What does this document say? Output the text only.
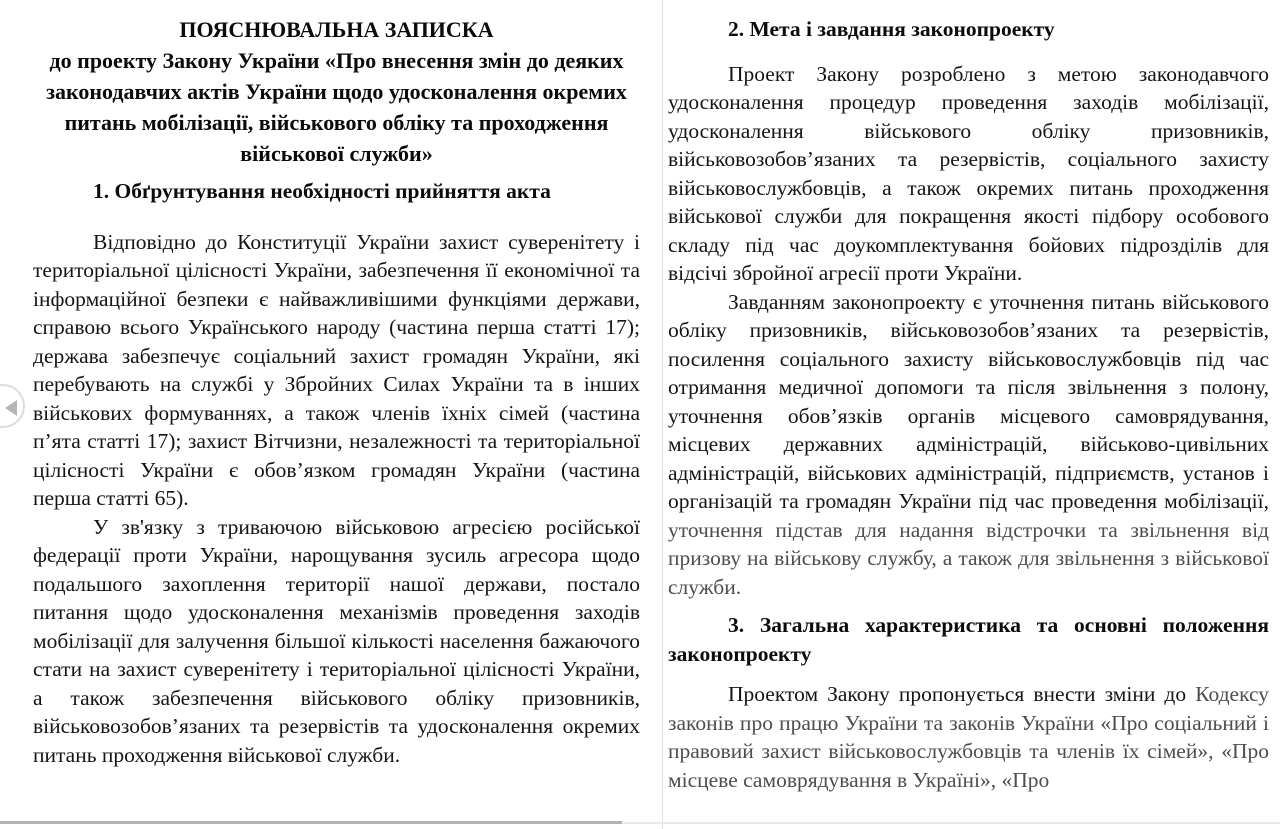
ПОЯСНЮВАЛЬНА ЗАПИСКА
до проекту Закону України «Про внесення змін до деяких законодавчих актів України щодо удосконалення окремих питань мобілізації, військового обліку та проходження військової служби»

1. Обґрунтування необхідності прийняття акта

Відповідно до Конституції України захист суверенітету і територіальної цілісності України, забезпечення її економічної та інформаційної безпеки є найважливішими функціями держави, справою всього Українського народу (частина перша статті 17); держава забезпечує соціальний захист громадян України, які перебувають на службі у Збройних Силах України та в інших військових формуваннях, а також членів їхніх сімей (частина п’ята статті 17); захист Вітчизни, незалежності та територіальної цілісності України є обов’язком громадян України (частина перша статті 65).

У зв'язку з триваючою військовою агресією російської федерації проти України, нарощування зусиль агресора щодо подальшого захоплення території нашої держави, постало питання щодо удосконалення механізмів проведення заходів мобілізації для залучення більшої кількості населення бажаючого стати на захист суверенітету і територіальної цілісності України, а також забезпечення військового обліку призовників, військовозобов’язаних та резервістів та удосконалення окремих питань проходження військової служби.

2. Мета і завдання законопроекту

Проект Закону розроблено з метою законодавчого удосконалення процедур проведення заходів мобілізації, удосконалення військового обліку призовників, військовозобов’язаних та резервістів, соціального захисту військовослужбовців, а також окремих питань проходження військової служби для покращення якості підбору особового складу під час доукомплектування бойових підрозділів для відсічі збройної агресії проти України.

Завданням законопроекту є уточнення питань військового обліку призовників, військовозобов’язаних та резервістів, посилення соціального захисту військовослужбовців під час отримання медичної допомоги та після звільнення з полону, уточнення обов’язків органів місцевого самоврядування, місцевих державних адміністрацій, військово-цивільних адміністрацій, військових адміністрацій, підприємств, установ і організацій та громадян України під час проведення мобілізації, уточнення підстав для надання відстрочки та звільнення від призову на військову службу, а також для звільнення з військової служби.

3. Загальна характеристика та основні положення законопроекту

Проектом Закону пропонується внести зміни до Кодексу законів про працю України та законів України «Про соціальний і правовий захист військовослужбовців та членів їх сімей», «Про місцеве самоврядування в Україні», «Про
